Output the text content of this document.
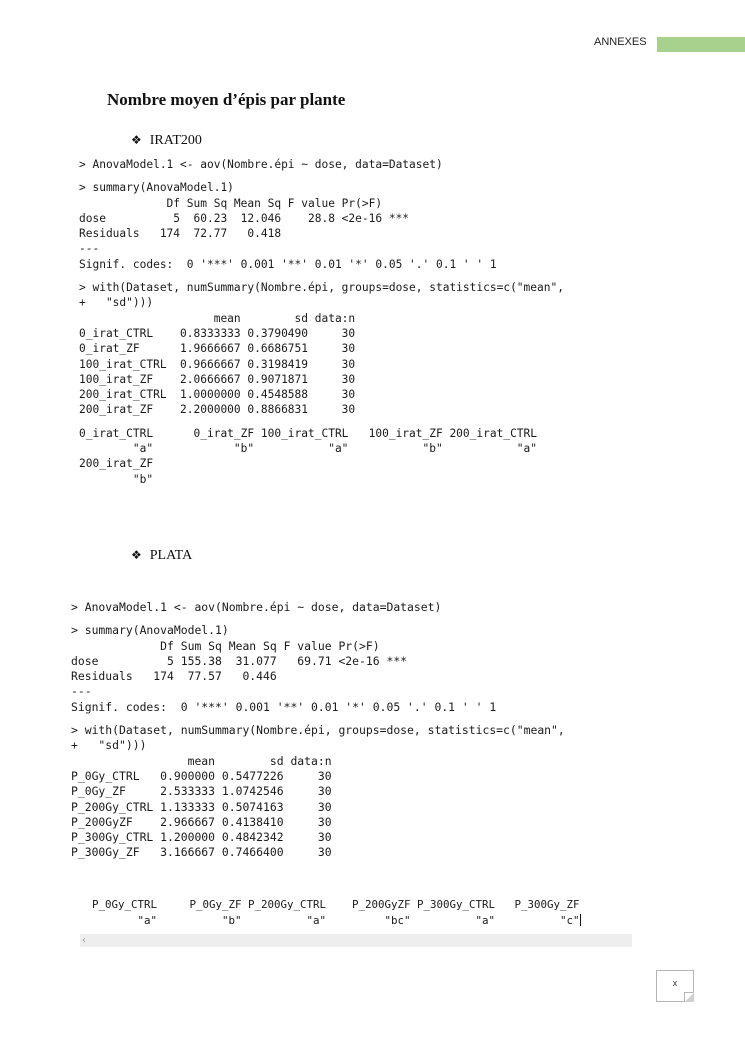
ANNEXES
Nombre moyen d’épis par plante
❖ IRAT200
> AnovaModel.1 <- aov(Nombre.épi ~ dose, data=Dataset)
> summary(AnovaModel.1)
Df Sum Sq Mean Sq F value Pr(>F)
dose          5  60.23  12.046    28.8 <2e-16 ***
Residuals   174  72.77   0.418
---
Signif. codes:  0 '***' 0.001 '**' 0.01 '*' 0.05 '.' 0.1 ' ' 1
> with(Dataset, numSummary(Nombre.épi, groups=dose, statistics=c("mean",
+   "sd")))
mean        sd data:n
0_irat_CTRL    0.8333333 0.3790490     30
0_irat_ZF      1.9666667 0.6686751     30
100_irat_CTRL  0.9666667 0.3198419     30
100_irat_ZF    2.0666667 0.9071871     30
200_irat_CTRL  1.0000000 0.4548588     30
200_irat_ZF    2.2000000 0.8866831     30
0_irat_CTRL      0_irat_ZF 100_irat_CTRL   100_irat_ZF 200_irat_CTRL
"a"            "b"           "a"           "b"           "a"
200_irat_ZF
"b"
❖ PLATA
> AnovaModel.1 <- aov(Nombre.épi ~ dose, data=Dataset)
> summary(AnovaModel.1)
Df Sum Sq Mean Sq F value Pr(>F)
dose          5 155.38  31.077   69.71 <2e-16 ***
Residuals   174  77.57   0.446
---
Signif. codes:  0 '***' 0.001 '**' 0.01 '*' 0.05 '.' 0.1 ' ' 1
> with(Dataset, numSummary(Nombre.épi, groups=dose, statistics=c("mean",
+   "sd")))
mean        sd data:n
P_0Gy_CTRL   0.900000 0.5477226     30
P_0Gy_ZF     2.533333 1.0742546     30
P_200Gy_CTRL 1.133333 0.5074163     30
P_200GyZF    2.966667 0.4138410     30
P_300Gy_CTRL 1.200000 0.4842342     30
P_300Gy_ZF   3.166667 0.7466400     30
P_0Gy_CTRL     P_0Gy_ZF P_200Gy_CTRL    P_200GyZF P_300Gy_CTRL   P_300Gy_ZF
"a"          "b"          "a"         "bc"          "a"          "c"
‹
x
